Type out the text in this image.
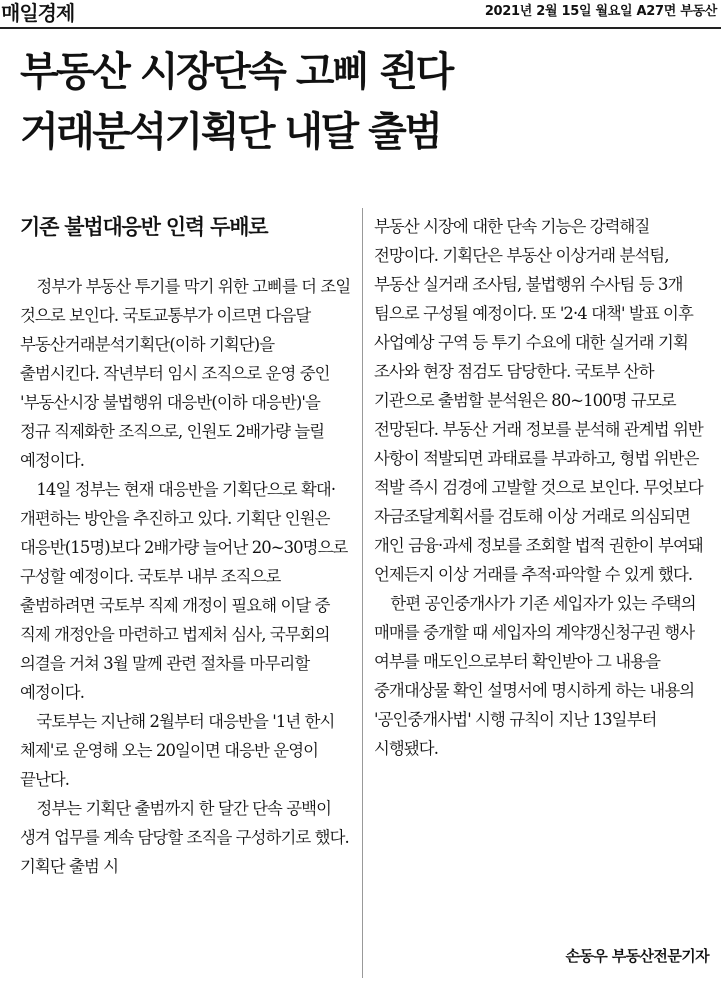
매일경제	2021년 2월 15일 월요일 A27면 부동산
부동산 시장단속 고삐 죈다
거래분석기획단 내달 출범
기존 불법대응반 인력 두배로

정부가 부동산 투기를 막기 위한 고삐를 더 조일 것으로 보인다. 국토교통부가 이르면 다음달 부동산거래분석기획단(이하 기획단)을 출범시킨다. 작년부터 임시 조직으로 운영 중인 '부동산시장 불법행위 대응반(이하 대응반)'을 정규 직제화한 조직으로, 인원도 2배가량 늘릴 예정이다.

14일 정부는 현재 대응반을 기획단으로 확대·개편하는 방안을 추진하고 있다. 기획단 인원은 대응반(15명)보다 2배가량 늘어난 20~30명으로 구성할 예정이다. 국토부 내부 조직으로 출범하려면 국토부 직제 개정이 필요해 이달 중 직제 개정안을 마련하고 법제처 심사, 국무회의 의결을 거쳐 3월 말께 관련 절차를 마무리할 예정이다.

국토부는 지난해 2월부터 대응반을 '1년 한시 체제'로 운영해 오는 20일이면 대응반 운영이 끝난다.

정부는 기획단 출범까지 한 달간 단속 공백이 생겨 업무를 계속 담당할 조직을 구성하기로 했다. 기획단 출범 시

부동산 시장에 대한 단속 기능은 강력해질 전망이다. 기획단은 부동산 이상거래 분석팀, 부동산 실거래 조사팀, 불법행위 수사팀 등 3개 팀으로 구성될 예정이다. 또 '2·4 대책' 발표 이후 사업예상 구역 등 투기 수요에 대한 실거래 기획 조사와 현장 점검도 담당한다. 국토부 산하 기관으로 출범할 분석원은 80~100명 규모로 전망된다. 부동산 거래 정보를 분석해 관계법 위반 사항이 적발되면 과태료를 부과하고, 형법 위반은 적발 즉시 검경에 고발할 것으로 보인다. 무엇보다 자금조달계획서를 검토해 이상 거래로 의심되면 개인 금융·과세 정보를 조회할 법적 권한이 부여돼 언제든지 이상 거래를 추적·파악할 수 있게 했다.

한편 공인중개사가 기존 세입자가 있는 주택의 매매를 중개할 때 세입자의 계약갱신청구권 행사 여부를 매도인으로부터 확인받아 그 내용을 중개대상물 확인 설명서에 명시하게 하는 내용의 '공인중개사법' 시행 규칙이 지난 13일부터 시행됐다.

손동우 부동산전문기자
